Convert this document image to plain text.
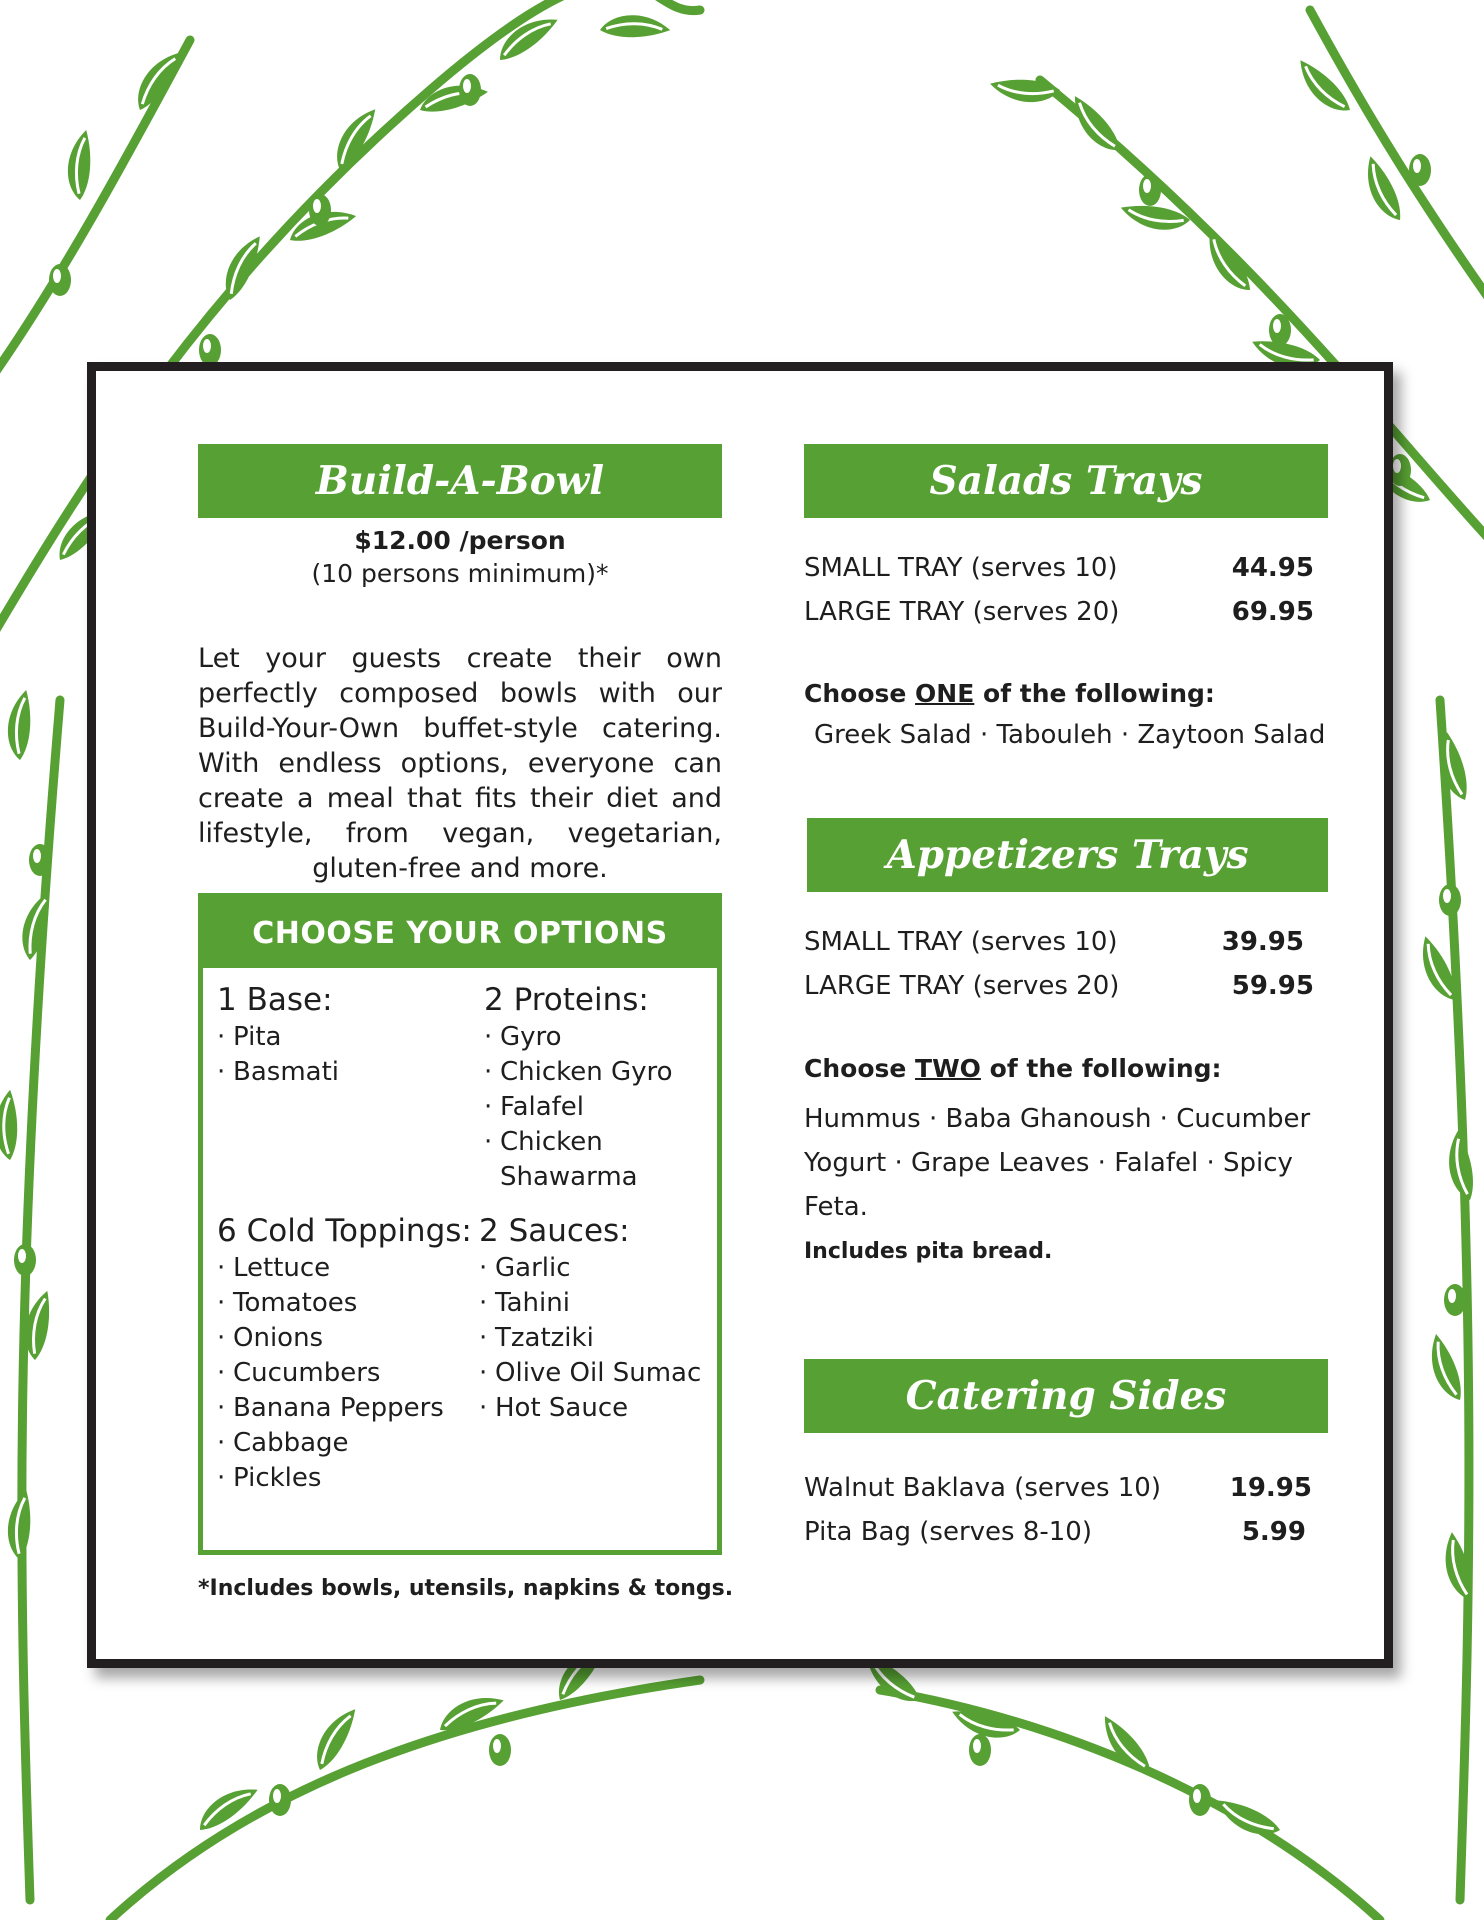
Build-A-Bowl
$12.00 /person
(10 persons minimum)*
Let your guests create their own perfectly composed bowls with our Build-Your-Own buffet-style catering. With endless options, everyone can create a meal that fits their diet and lifestyle, from vegan, vegetarian, gluten-free and more.
CHOOSE YOUR OPTIONS
1 Base:
· Pita
· Basmati
2 Proteins:
· Gyro
· Chicken Gyro
· Falafel
· Chicken
Shawarma
6 Cold Toppings:
· Lettuce
· Tomatoes
· Onions
· Cucumbers
· Banana Peppers
· Cabbage
· Pickles
2 Sauces:
· Garlic
· Tahini
· Tzatziki
· Olive Oil Sumac
· Hot Sauce
*Includes bowls, utensils, napkins & tongs.
Salads Trays
SMALL TRAY (serves 10)	44.95
LARGE TRAY (serves 20)	69.95
Choose ONE of the following:
Greek Salad · Tabouleh · Zaytoon Salad
Appetizers Trays
SMALL TRAY (serves 10)	39.95
LARGE TRAY (serves 20)	59.95
Choose TWO of the following:
Hummus · Baba Ghanoush · Cucumber
Yogurt · Grape Leaves · Falafel · Spicy
Feta.
Includes pita bread.
Catering Sides
Walnut Baklava (serves 10)	19.95
Pita Bag (serves 8-10)	5.99
